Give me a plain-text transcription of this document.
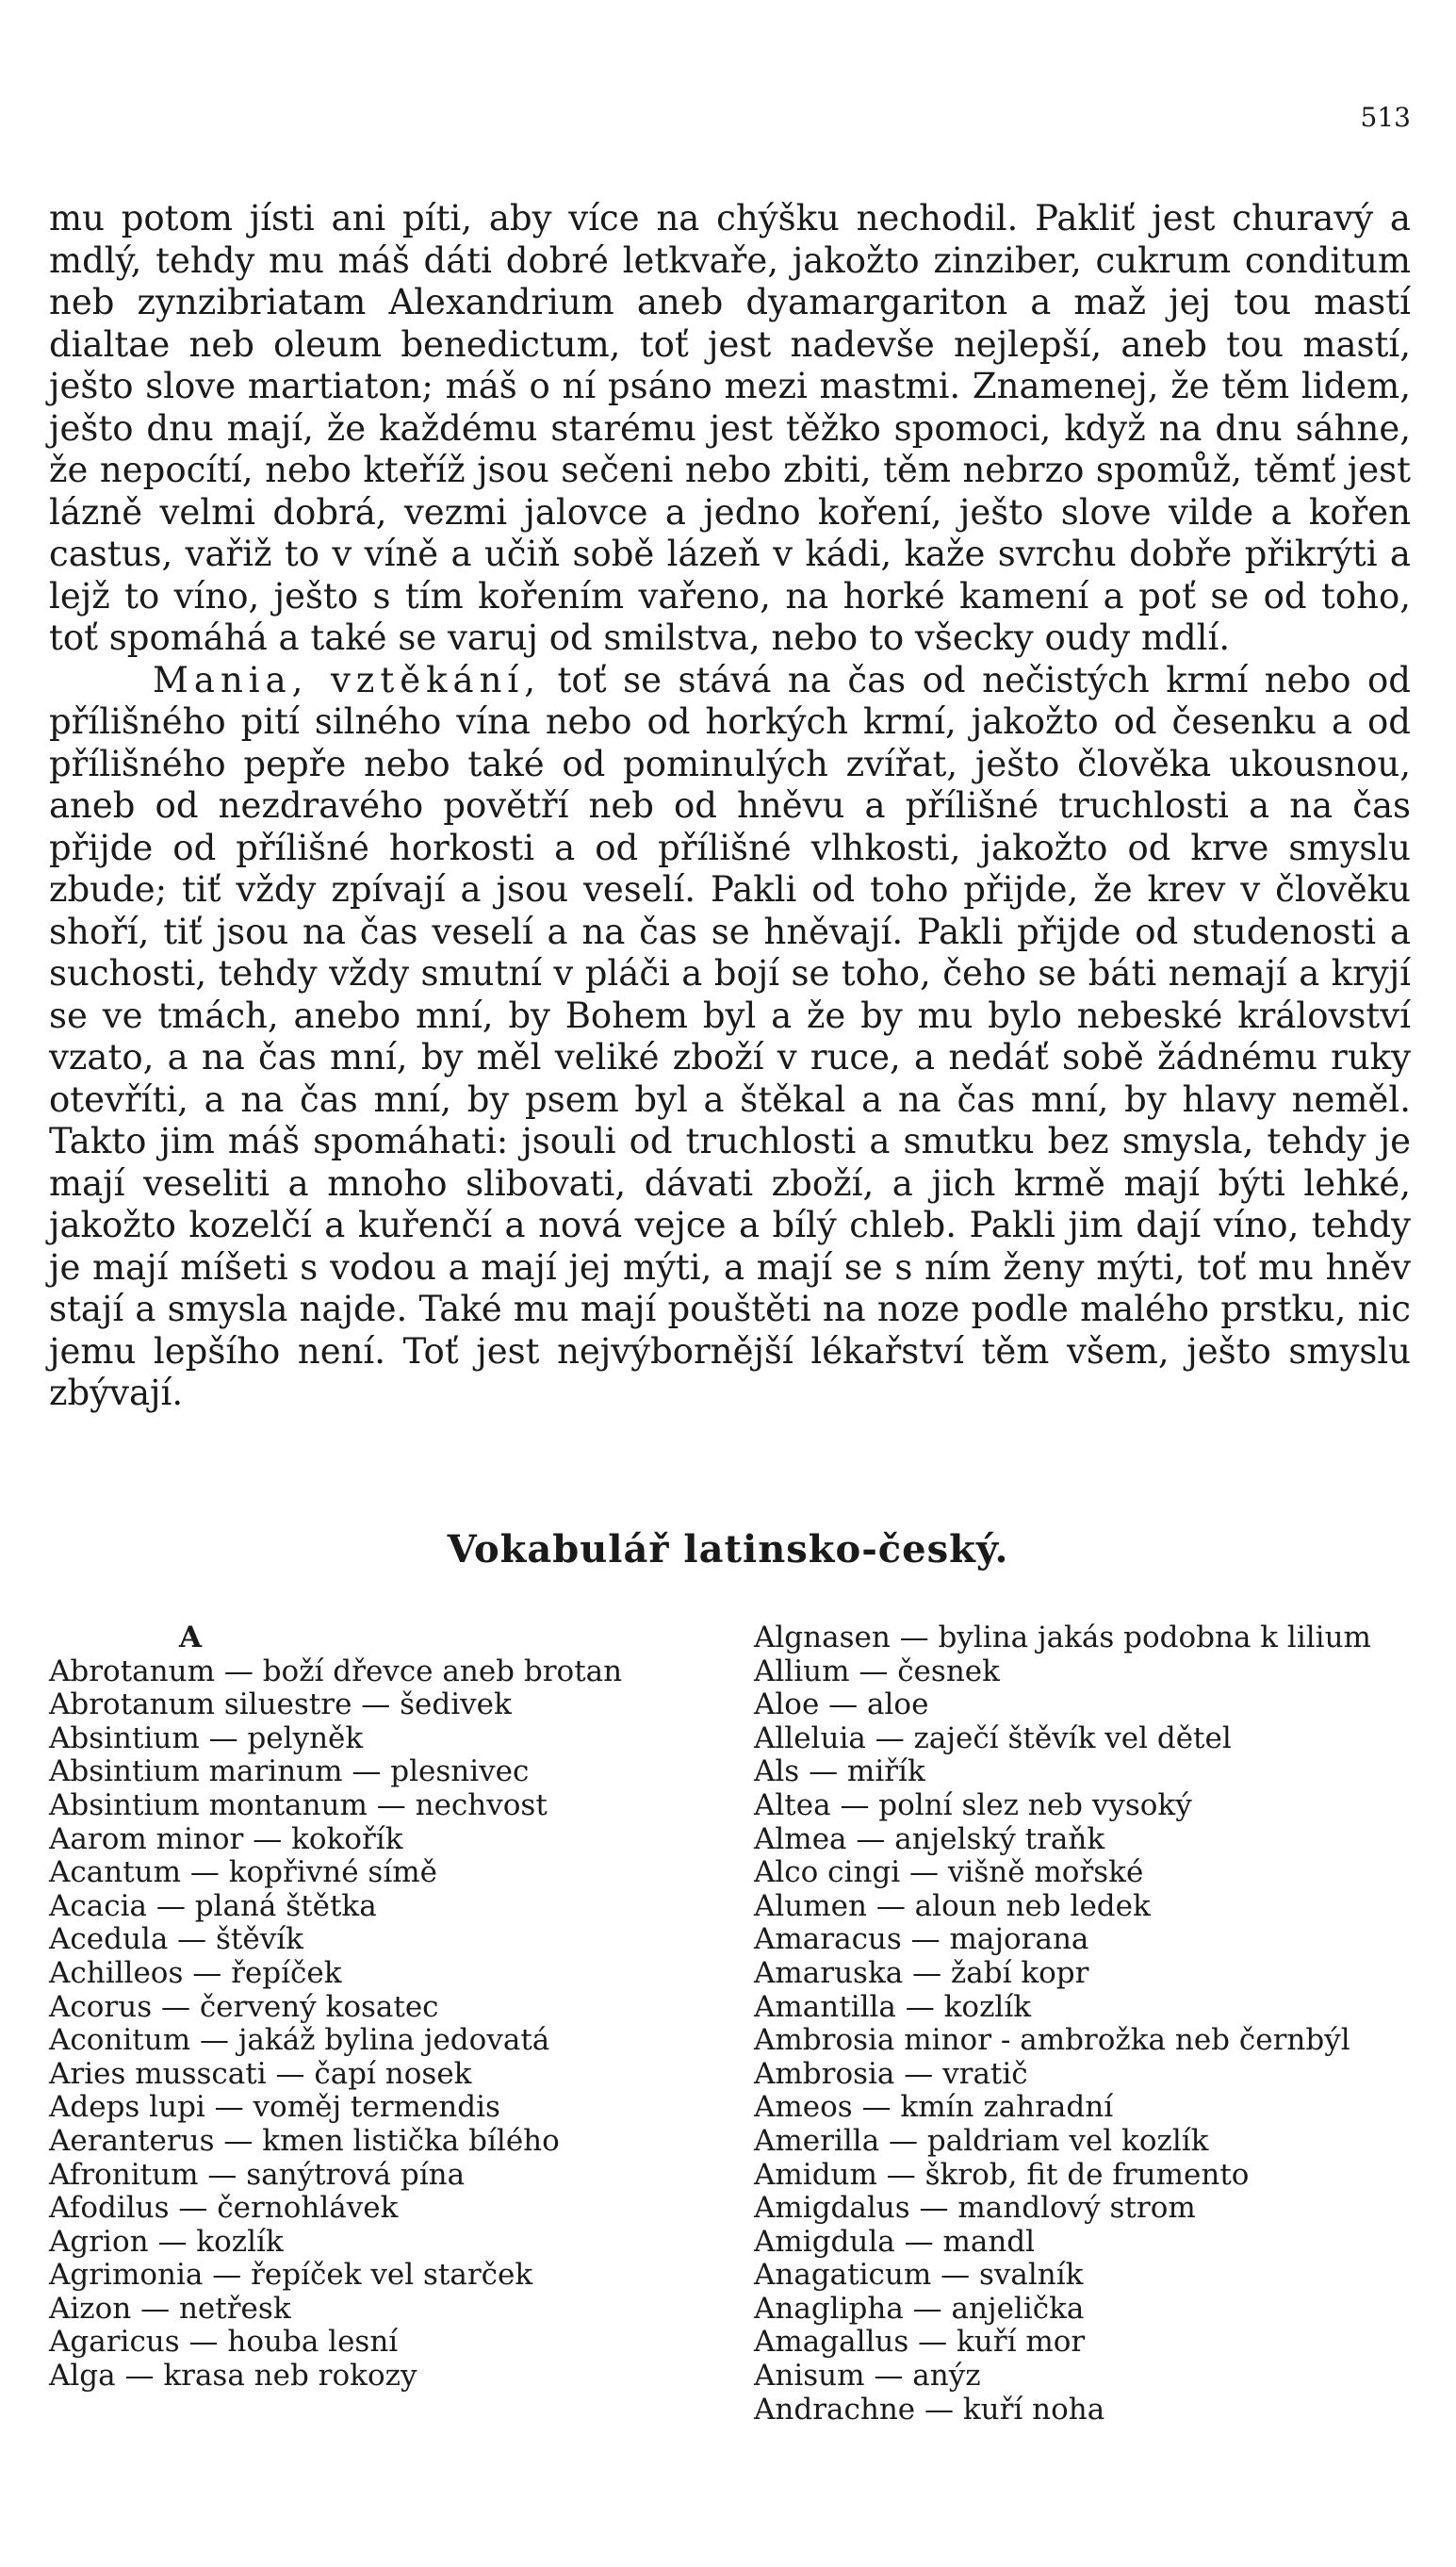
513

mu potom jísti ani píti, aby více na chýšku nechodil. Pakliť jest churavý a mdlý, tehdy mu máš dáti dobré letkvaře, jakožto zinziber, cukrum conditum neb zynzibriatam Alexandrium aneb dyamargariton a maž jej tou mastí dialtae neb oleum benedictum, toť jest nadevše nejlepší, aneb tou mastí, ješto slove martiaton; máš o ní psáno mezi mastmi. Znamenej, že těm lidem, ješto dnu mají, že každému starému jest těžko spomoci, když na dnu sáhne, že nepocítí, nebo kteříž jsou sečeni nebo zbiti, těm nebrzo spomůž, těmť jest lázně velmi dobrá, vezmi jalovce a jedno koření, ješto slove vilde a kořen castus, vařiž to v víně a učiň sobě lázeň v kádi, kaže svrchu dobře přikrýti a lejž to víno, ješto s tím kořením vařeno, na horké kamení a poť se od toho, toť spomáhá a také se varuj od smilstva, nebo to všecky oudy mdlí.

Mania, vztěkání, toť se stává na čas od nečistých krmí nebo od přílišného pití silného vína nebo od horkých krmí, jakožto od česenku a od přílišného pepře nebo také od pominulých zvířat, ješto člověka ukousnou, aneb od nezdravého povětří neb od hněvu a přílišné truchlosti a na čas přijde od přílišné horkosti a od přílišné vlhkosti, jakožto od krve smyslu zbude; tiť vždy zpívají a jsou veselí. Pakli od toho přijde, že krev v člověku shoří, tiť jsou na čas veselí a na čas se hněvají. Pakli přijde od studenosti a suchosti, tehdy vždy smutní v pláči a bojí se toho, čeho se báti nemají a kryjí se ve tmách, anebo mní, by Bohem byl a že by mu bylo nebeské království vzato, a na čas mní, by měl veliké zboží v ruce, a nedáť sobě žádnému ruky otevříti, a na čas mní, by psem byl a štěkal a na čas mní, by hlavy neměl. Takto jim máš spomáhati: jsouli od truchlosti a smutku bez smysla, tehdy je mají veseliti a mnoho slibovati, dávati zboží, a jich krmě mají býti lehké, jakožto kozelčí a kuřenčí a nová vejce a bílý chleb. Pakli jim dají víno, tehdy je mají míšeti s vodou a mají jej mýti, a mají se s ním ženy mýti, toť mu hněv stají a smysla najde. Také mu mají pouštěti na noze podle malého prstku, nic jemu lepšího není. Toť jest nejvýbornější lékařství těm všem, ješto smyslu zbývají.

Vokabulář latinsko-český.
A
Abrotanum — boží dřevce aneb brotan
Abrotanum siluestre — šedivek
Absintium — pelyněk
Absintium marinum — plesnivec
Absintium montanum — nechvost
Aarom minor — kokořík
Acantum — kopřivné símě
Acacia — planá štětka
Acedula — štěvík
Achilleos — řepíček
Acorus — červený kosatec
Aconitum — jakáž bylina jedovatá
Aries musscati — čapí nosek
Adeps lupi — voměj termendis
Aeranterus — kmen listička bílého
Afronitum — sanýtrová pína
Afodilus — černohlávek
Agrion — kozlík
Agrimonia — řepíček vel starček
Aizon — netřesk
Agaricus — houba lesní
Alga — krasa neb rokozy
Algnasen — bylina jakás podobna k lilium
Allium — česnek
Aloe — aloe
Alleluia — zaječí štěvík vel dětel
Als — miřík
Altea — polní slez neb vysoký
Almea — anjelský traňk
Alco cingi — višně mořské
Alumen — aloun neb ledek
Amaracus — majorana
Amaruska — žabí kopr
Amantilla — kozlík
Ambrosia minor - ambrožka neb černbýl
Ambrosia — vratič
Ameos — kmín zahradní
Amerilla — paldriam vel kozlík
Amidum — škrob, fit de frumento
Amigdalus — mandlový strom
Amigdula — mandl
Anagaticum — svalník
Anaglipha — anjelička
Amagallus — kuří mor
Anisum — anýz
Andrachne — kuří noha
